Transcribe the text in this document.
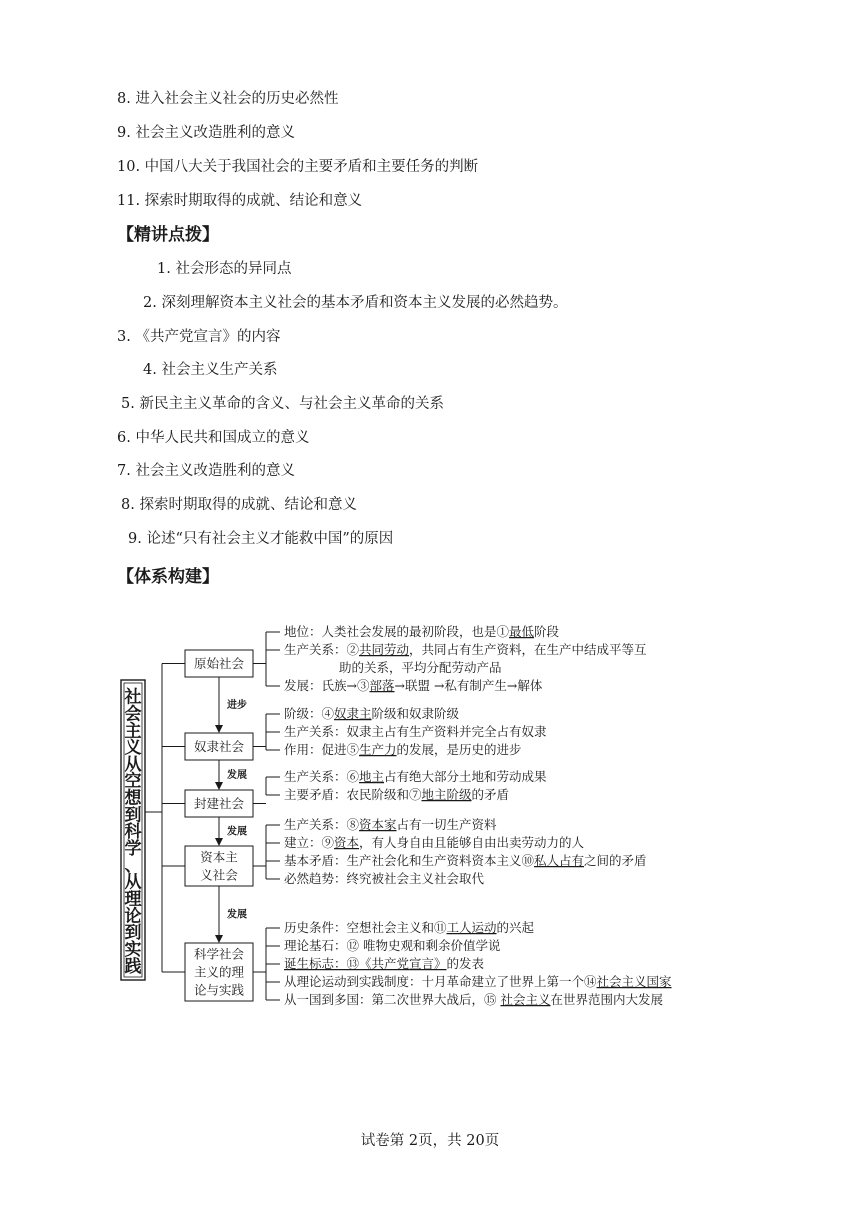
8. 进入社会主义社会的历史必然性
9. 社会主义改造胜利的意义
10. 中国八大关于我国社会的主要矛盾和主要任务的判断
11. 探索时期取得的成就、结论和意义
【精讲点拨】
1. 社会形态的异同点
2. 深刻理解资本主义社会的基本矛盾和资本主义发展的必然趋势。
3. 《共产党宣言》的内容
4. 社会主义生产关系
5. 新民主主义革命的含义、与社会主义革命的关系
6. 中华人民共和国成立的意义
7. 社会主义改造胜利的意义
8. 探索时期取得的成就、结论和意义
9. 论述“只有社会主义才能救中国”的原因
【体系构建】
社
会
主
义
从
空
想
到
科
学
、
从
理
论
到
实
践
原始社会
地位：人类社会发展的最初阶段，也是①最低阶段
生产关系：②共同劳动，共同占有生产资料，在生产中结成平等互
助的关系，平均分配劳动产品
发展：氏族→③部落→联盟 →私有制产生→解体
进步
奴隶社会
阶级：④奴隶主阶级和奴隶阶级
生产关系：奴隶主占有生产资料并完全占有奴隶
作用：促进⑤生产力的发展，是历史的进步
发展
封建社会
生产关系：⑥地主占有绝大部分土地和劳动成果
主要矛盾：农民阶级和⑦地主阶级的矛盾
发展
资本主
义社会
生产关系：⑧资本家占有一切生产资料
建立：⑨资本，有人身自由且能够自由出卖劳动力的人
基本矛盾：生产社会化和生产资料资本主义⑩私人占有之间的矛盾
必然趋势：终究被社会主义社会取代
发展
科学社会
主义的理
论与实践
历史条件：空想社会主义和⑪工人运动的兴起
理论基石：⑫ 唯物史观和剩余价值学说
诞生标志：⑬《共产党宣言》的发表
从理论运动到实践制度：十月革命建立了世界上第一个⑭社会主义国家
从一国到多国：第二次世界大战后，⑮ 社会主义在世界范围内大发展
试卷第 2页，共 20页
